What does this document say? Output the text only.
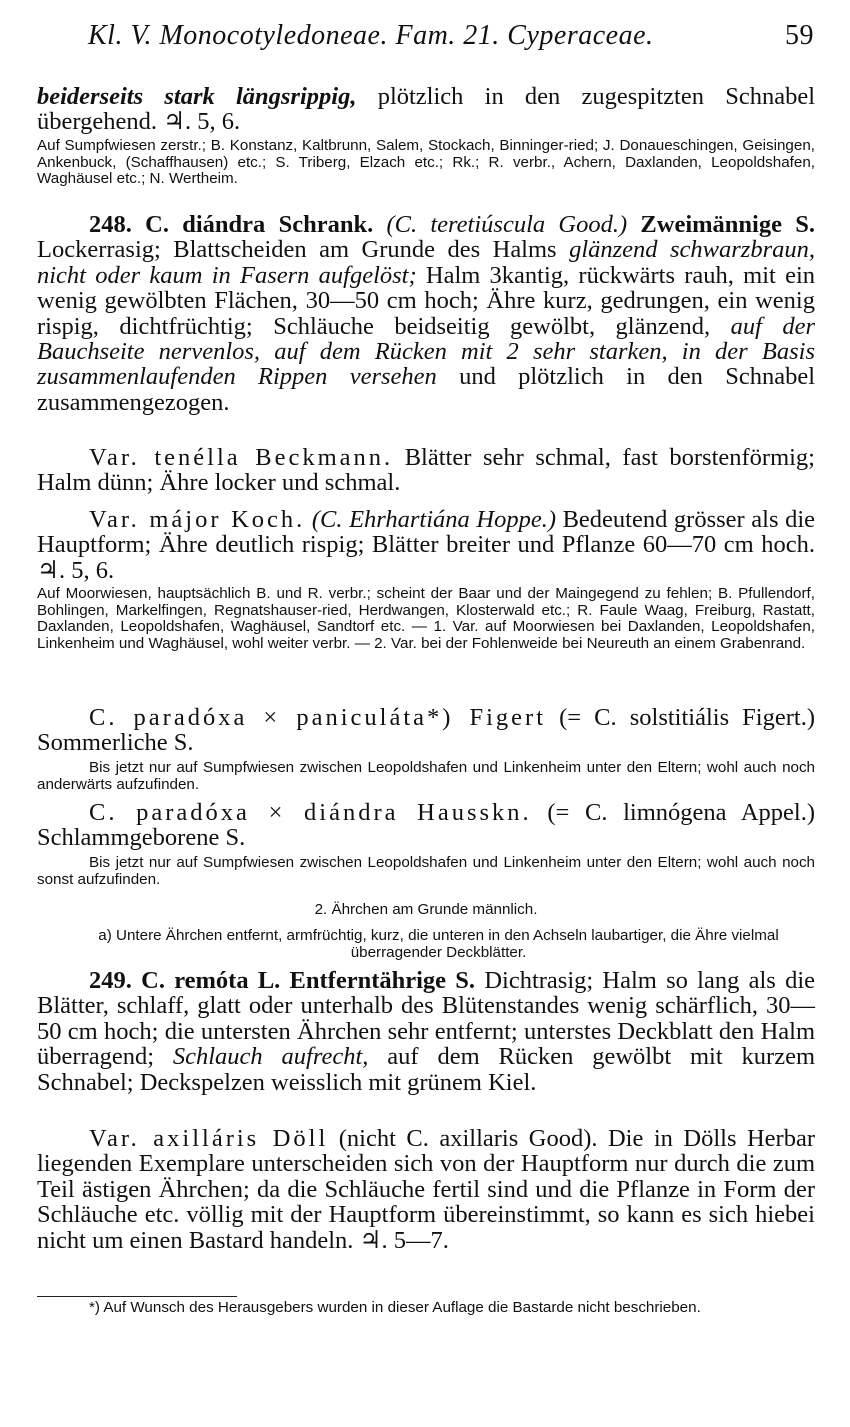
Kl. V. Monocotyledoneae. Fam. 21. Cyperaceae.	59
beiderseits stark längsrippig, plötzlich in den zugespitzten Schnabel übergehend. ♃. 5, 6.
Auf Sumpfwiesen zerstr.; B. Konstanz, Kaltbrunn, Salem, Stockach, Binninger-ried; J. Donaueschingen, Geisingen, Ankenbuck, (Schaffhausen) etc.; S. Triberg, Elzach etc.; Rk.; R. verbr., Achern, Daxlanden, Leopoldshafen, Waghäusel etc.; N. Wertheim.
248. C. diándra Schrank. (C. teretiúscula Good.) Zweimännige S. Lockerrasig; Blattscheiden am Grunde des Halms glänzend schwarzbraun, nicht oder kaum in Fasern aufgelöst; Halm 3kantig, rückwärts rauh, mit ein wenig gewölbten Flächen, 30—50 cm hoch; Ähre kurz, gedrungen, ein wenig rispig, dichtfrüchtig; Schläuche beidseitig gewölbt, glänzend, auf der Bauchseite nervenlos, auf dem Rücken mit 2 sehr starken, in der Basis zusammenlaufenden Rippen versehen und plötzlich in den Schnabel zusammengezogen.
Var. tenélla Beckmann. Blätter sehr schmal, fast borstenförmig; Halm dünn; Ähre locker und schmal.
Var. májor Koch. (C. Ehrhartiána Hoppe.) Bedeutend grösser als die Hauptform; Ähre deutlich rispig; Blätter breiter und Pflanze 60—70 cm hoch. ♃. 5, 6.
Auf Moorwiesen, hauptsächlich B. und R. verbr.; scheint der Baar und der Maingegend zu fehlen; B. Pfullendorf, Bohlingen, Markelfingen, Regnatshauser-ried, Herdwangen, Klosterwald etc.; R. Faule Waag, Freiburg, Rastatt, Daxlanden, Leopoldshafen, Waghäusel, Sandtorf etc. — 1. Var. auf Moorwiesen bei Daxlanden, Leopoldshafen, Linkenheim und Waghäusel, wohl weiter verbr. — 2. Var. bei der Fohlenweide bei Neureuth an einem Grabenrand.
C. paradóxa × paniculáta*) Figert (= C. solstitiális Figert.) Sommerliche S.
Bis jetzt nur auf Sumpfwiesen zwischen Leopoldshafen und Linkenheim unter den Eltern; wohl auch noch anderwärts aufzufinden.
C. paradóxa × diándra Hausskn. (= C. limnógena Appel.) Schlammgeborene S.
Bis jetzt nur auf Sumpfwiesen zwischen Leopoldshafen und Linkenheim unter den Eltern; wohl auch noch sonst aufzufinden.
2. Ährchen am Grunde männlich.
a) Untere Ährchen entfernt, armfrüchtig, kurz, die unteren in den Achseln laubartiger, die Ähre vielmal überragender Deckblätter.
249. C. remóta L. Entferntährige S. Dichtrasig; Halm so lang als die Blätter, schlaff, glatt oder unterhalb des Blütenstandes wenig schärflich, 30—50 cm hoch; die untersten Ährchen sehr entfernt; unterstes Deckblatt den Halm überragend; Schlauch aufrecht, auf dem Rücken gewölbt mit kurzem Schnabel; Deckspelzen weisslich mit grünem Kiel.
Var. axilláris Döll (nicht C. axillaris Good). Die in Dölls Herbar liegenden Exemplare unterscheiden sich von der Hauptform nur durch die zum Teil ästigen Ährchen; da die Schläuche fertil sind und die Pflanze in Form der Schläuche etc. völlig mit der Hauptform übereinstimmt, so kann es sich hiebei nicht um einen Bastard handeln. ♃. 5—7.
*) Auf Wunsch des Herausgebers wurden in dieser Auflage die Bastarde nicht beschrieben.
